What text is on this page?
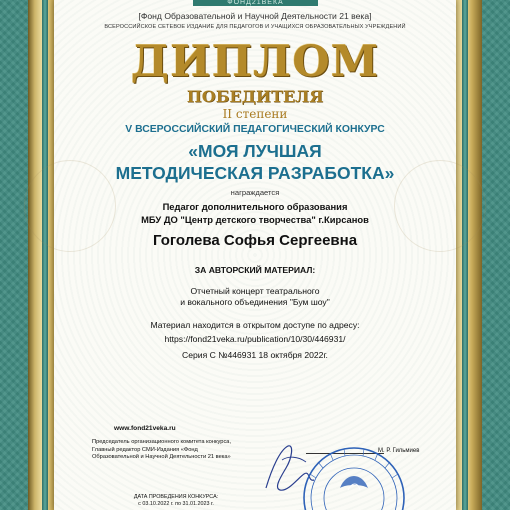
ФОНД21ВЕКА
[Фонд Образовательной и Научной Деятельности 21 века]
ВСЕРОССИЙСКОЕ СЕТЕВОЕ ИЗДАНИЕ ДЛЯ ПЕДАГОГОВ И УЧАЩИХСЯ ОБРАЗОВАТЕЛЬНЫХ УЧРЕЖДЕНИЙ
ДИПЛОМ
ПОБЕДИТЕЛЯ
II степени
V ВСЕРОССИЙСКИЙ ПЕДАГОГИЧЕСКИЙ КОНКУРС
«МОЯ ЛУЧШАЯ
МЕТОДИЧЕСКАЯ РАЗРАБОТКА»
награждается
Педагог дополнительного образования
МБУ ДО "Центр детского творчества" г.Кирсанов
Гоголева Софья Сергеевна
ЗА АВТОРСКИЙ МАТЕРИАЛ:
Отчетный концерт театрального
и вокального объединения "Бум шоу"
Материал находится в открытом доступе по адресу:
https://fond21veka.ru/publication/10/30/446931/
Серия С №446931 18 октября 2022г.
www.fond21veka.ru
Председатель организационного комитета конкурса,
Главный редактор СМИ-Издания «Фонд
Образовательной и Научной Деятельности 21 века»
М. Р. Гильмиев
ДАТА ПРОВЕДЕНИЯ КОНКУРСА:
с 03.10.2022 г. по 31.01.2023 г.
